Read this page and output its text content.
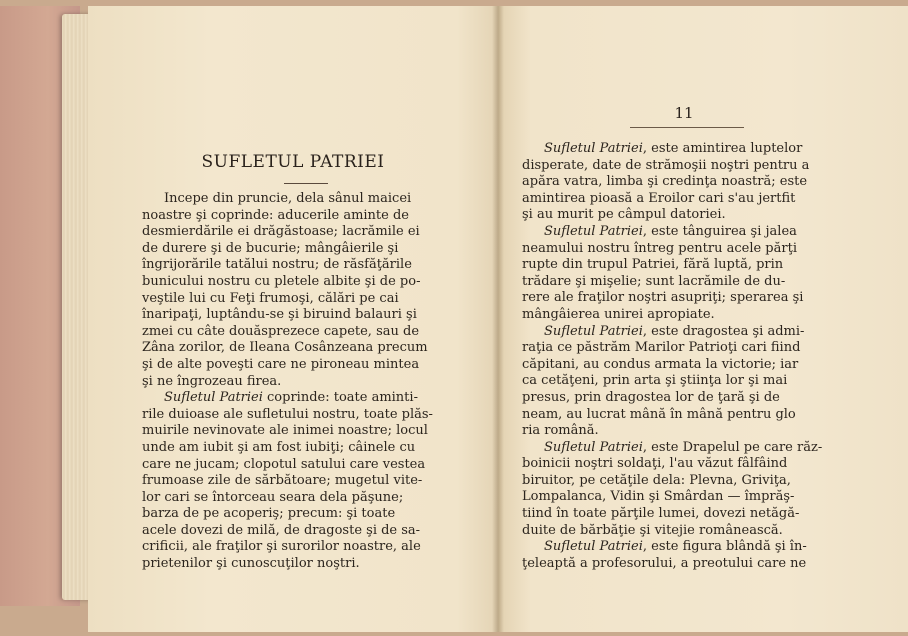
SUFLETUL PATRIEI

Incepe din pruncie, dela sânul maicei

noastre şi coprinde: aducerile aminte de

desmierdările ei drăgăstoase; lacrămile ei

de durere şi de bucurie; mângâierile şi

îngrijorările tatălui nostru; de răsfăţările

bunicului nostru cu pletele albite şi de po-

veştile lui cu Feţi frumoşi, călări pe cai

înaripaţi, luptându-se şi biruind balauri şi

zmei cu câte douăsprezece capete, sau de

Zâna zorilor, de Ileana Cosânzeana precum

şi de alte poveşti care ne pironeau mintea

şi ne îngrozeau firea.

Sufletul Patriei coprinde: toate aminti-

rile duioase ale sufletului nostru, toate plăs-

muirile nevinovate ale inimei noastre; locul

unde am iubit şi am fost iubiţi; câinele cu

care ne jucam; clopotul satului care vestea

frumoase zile de sărbătoare; mugetul vite-

lor cari se întorceau seara dela păşune;

barza de pe acoperiş; precum: şi toate

acele dovezi de milă, de dragoste şi de sa-

crificii, ale fraţilor şi surorilor noastre, ale

prietenilor şi cunoscuţilor noştri.

11

Sufletul Patriei, este amintirea luptelor

disperate, date de strămoşii noştri pentru a

apăra vatra, limba şi credinţa noastră; este

amintirea pioasă a Eroilor cari s'au jertfit

şi au murit pe câmpul datoriei.

Sufletul Patriei, este tânguirea şi jalea

neamului nostru întreg pentru acele părţi

rupte din trupul Patriei, fără luptă, prin

trădare şi mişelie; sunt lacrămile de du-

rere ale fraţilor noştri asupriţi; sperarea şi

mângâierea unirei apropiate.

Sufletul Patriei, este dragostea şi admi-

raţia ce păstrăm Marilor Patrioţi cari fiind

căpitani, au condus armata la victorie; iar

ca cetăţeni, prin arta şi ştiinţa lor şi mai

presus, prin dragostea lor de ţară şi de

neam, au lucrat mână în mână pentru glo

ria română.

Sufletul Patriei, este Drapelul pe care răz-

boinicii noştri soldaţi, l'au văzut fâlfâind

biruitor, pe cetăţile dela: Plevna, Griviţa,

Lompalanca, Vidin şi Smârdan — împrăş-

tiind în toate părţile lumei, dovezi netăgă-

duite de bărbăţie şi vitejie românească.

Sufletul Patriei, este figura blândă şi în-

ţeleaptă a profesorului, a preotului care ne
